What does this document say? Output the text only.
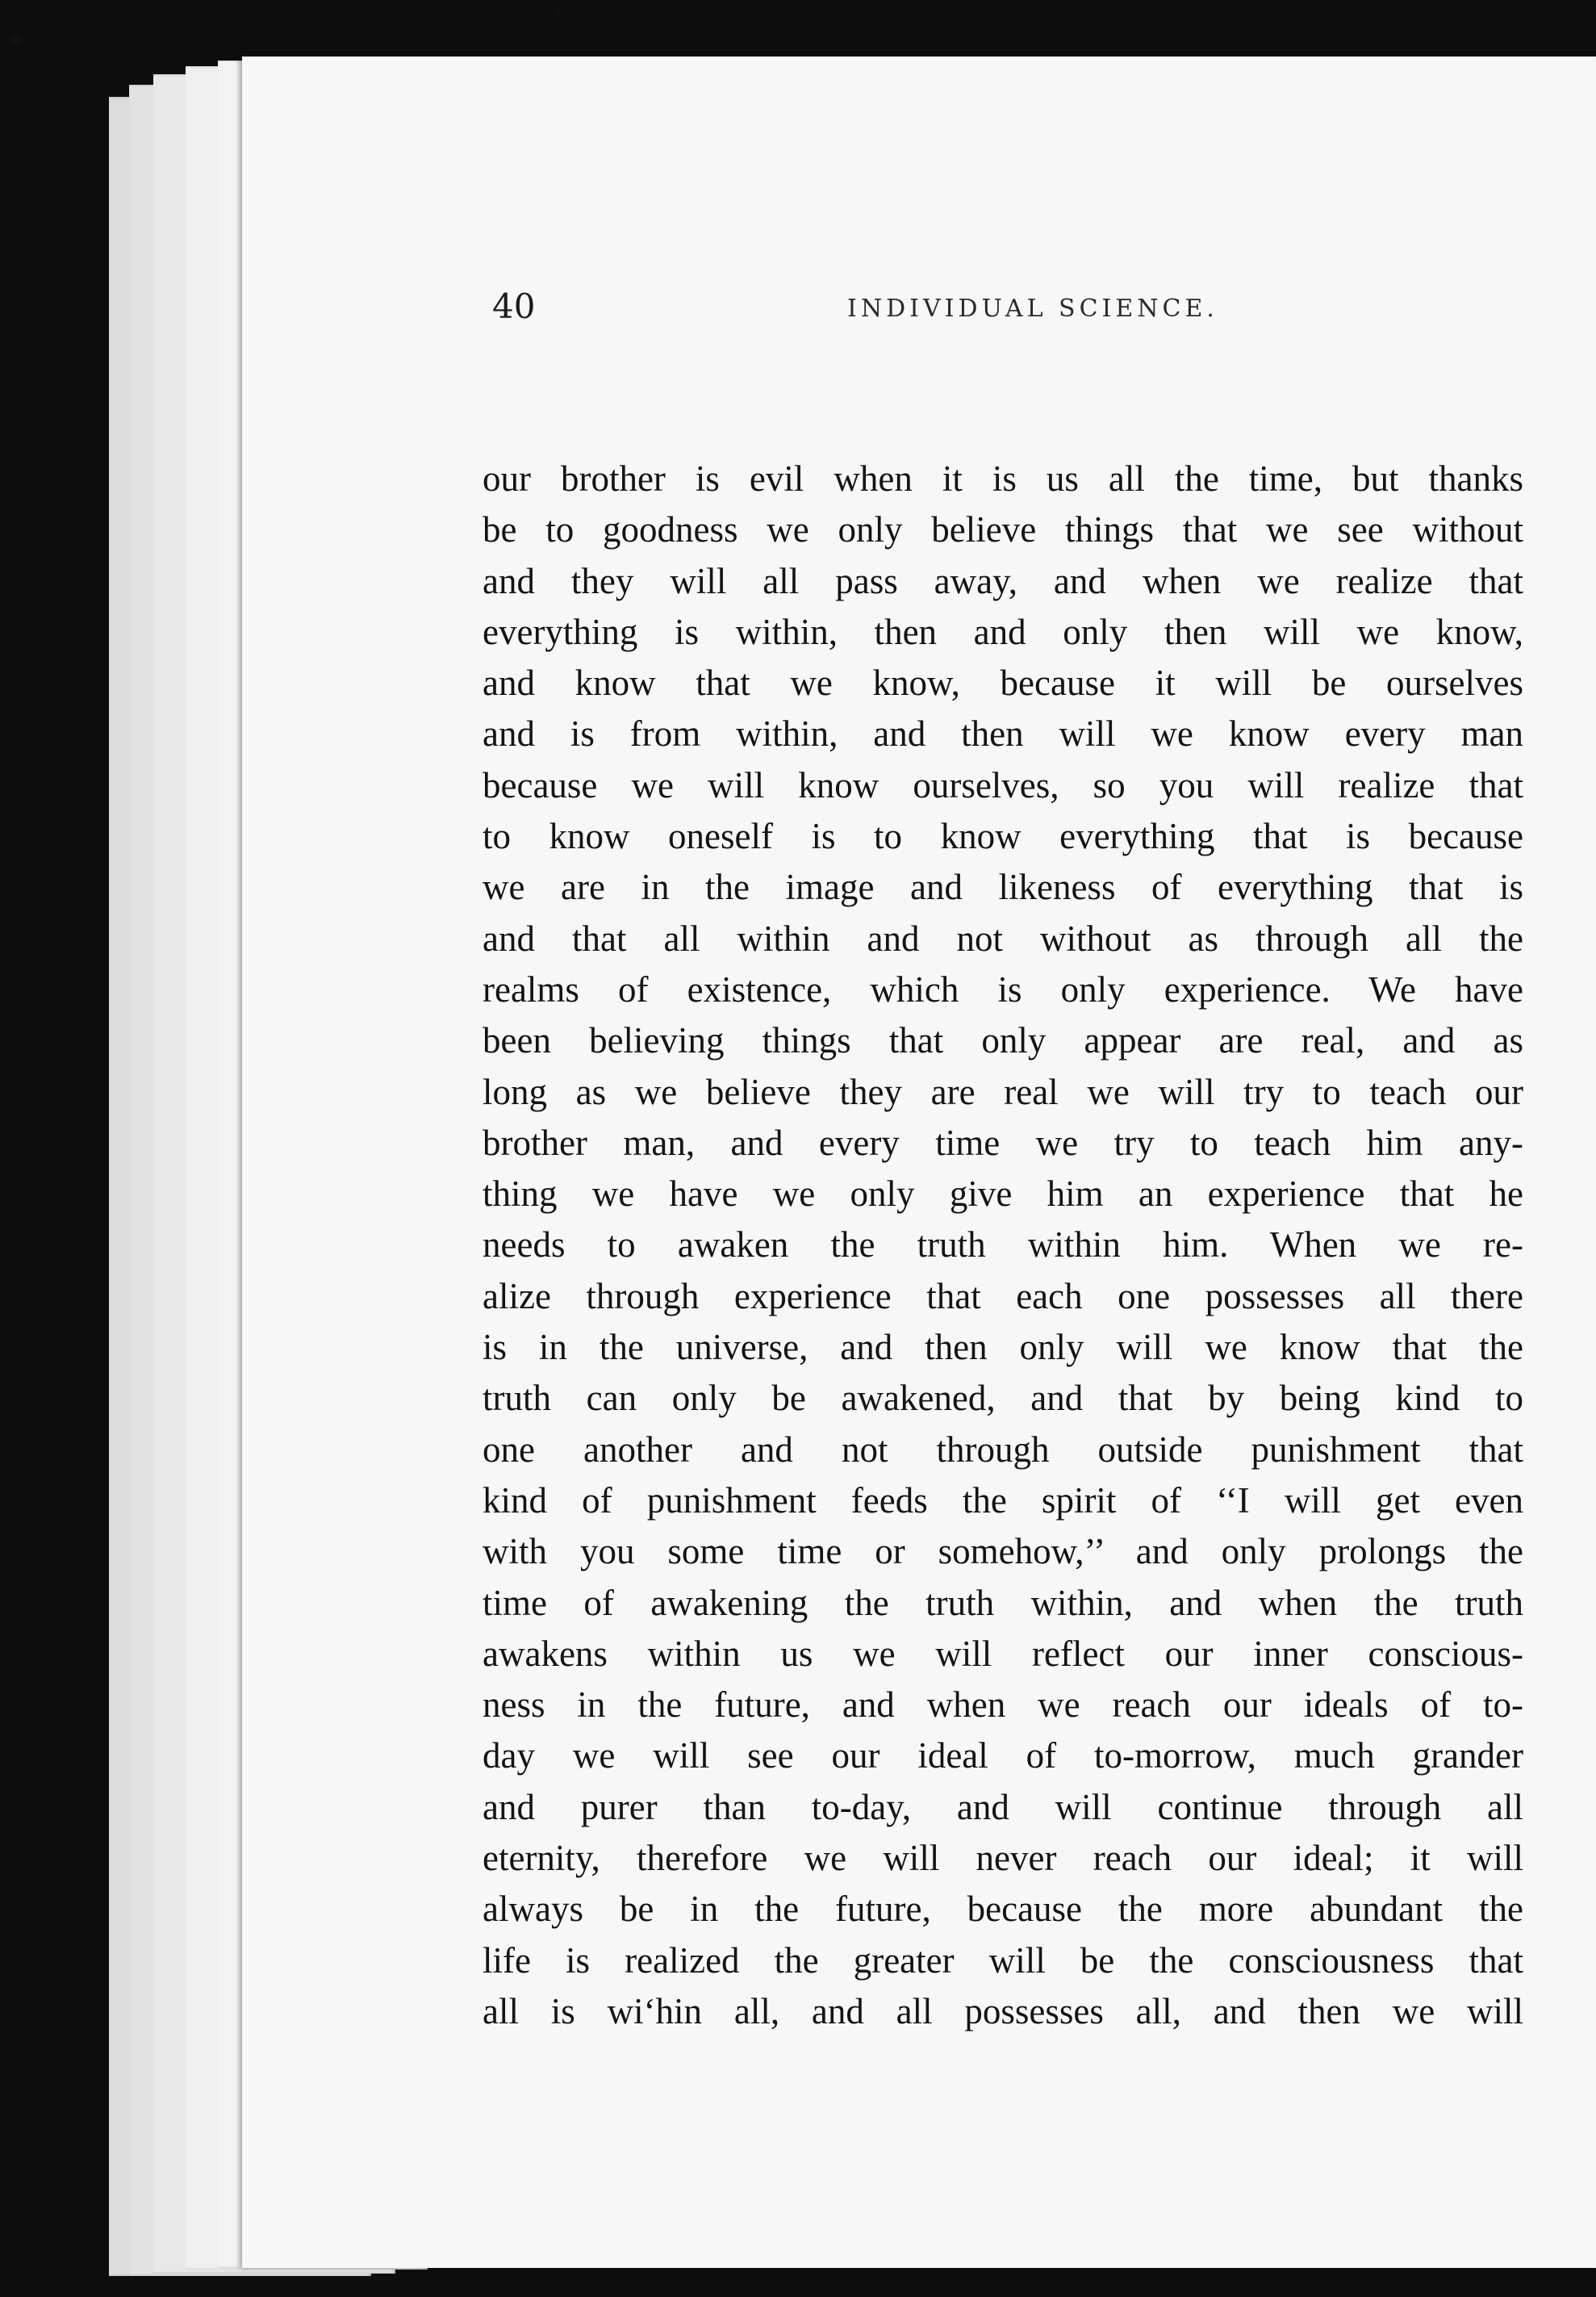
40	INDIVIDUAL SCIENCE.
our brother is evil when it is us all the time, but thanks
be to goodness we only believe things that we see without
and they will all pass away, and when we realize that
everything is within, then and only then will we know,
and know that we know, because it will be ourselves
and is from within, and then will we know every man
because we will know ourselves, so you will realize that
to know oneself is to know everything that is because
we are in the image and likeness of everything that is
and that all within and not without as through all the
realms of existence, which is only experience. We have
been believing things that only appear are real, and as
long as we believe they are real we will try to teach our
brother man, and every time we try to teach him any-
thing we have we only give him an experience that he
needs to awaken the truth within him. When we re-
alize through experience that each one possesses all there
is in the universe, and then only will we know that the
truth can only be awakened, and that by being kind to
one another and not through outside punishment that
kind of punishment feeds the spirit of ‘‘I will get even
with you some time or somehow,’’ and only prolongs the
time of awakening the truth within, and when the truth
awakens within us we will reflect our inner conscious-
ness in the future, and when we reach our ideals of to-
day we will see our ideal of to-morrow, much grander
and purer than to-day, and will continue through all
eternity, therefore we will never reach our ideal; it will
always be in the future, because the more abundant the
life is realized the greater will be the consciousness that
all is wi‘hin all, and all possesses all, and then we will
